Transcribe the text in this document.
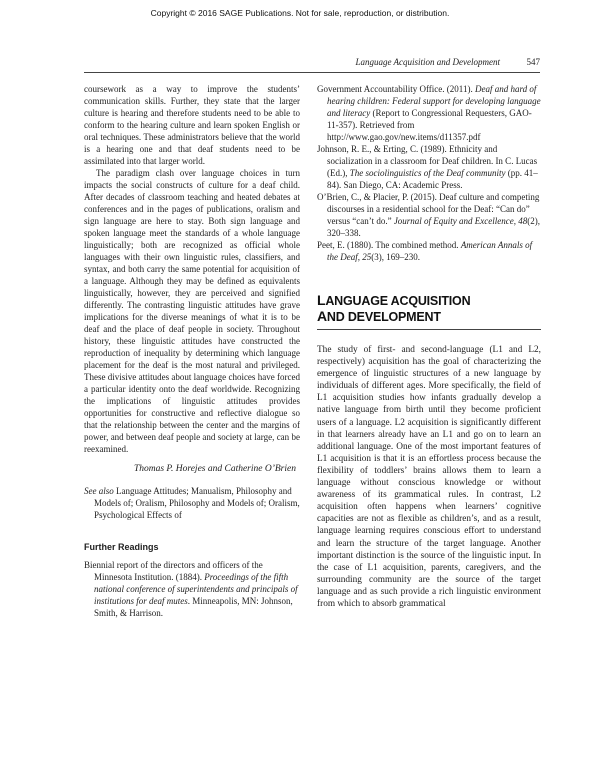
Copyright © 2016 SAGE Publications. Not for sale, reproduction, or distribution.
Language Acquisition and Development	547

coursework as a way to improve the students’ communication skills. Further, they state that the larger culture is hearing and therefore students need to be able to conform to the hearing culture and learn spoken English or oral techniques. These administrators believe that the world is a hearing one and that deaf students need to be assimilated into that larger world.

The paradigm clash over language choices in turn impacts the social constructs of culture for a deaf child. After decades of classroom teaching and heated debates at conferences and in the pages of publications, oralism and sign language are here to stay. Both sign language and spoken language meet the standards of a whole language linguistically; both are recognized as official whole languages with their own linguistic rules, classifiers, and syntax, and both carry the same potential for acquisition of a language. Although they may be defined as equivalents linguistically, however, they are perceived and signified differently. The contrasting linguistic attitudes have grave implications for the diverse meanings of what it is to be deaf and the place of deaf people in society. Throughout history, these linguistic attitudes have constructed the reproduction of inequality by determining which language placement for the deaf is the most natural and privileged. These divisive attitudes about language choices have forced a particular identity onto the deaf worldwide. Recognizing the implications of linguistic attitudes provides opportunities for constructive and reflective dialogue so that the relationship between the center and the margins of power, and between deaf people and society at large, can be reexamined.

Thomas P. Horejes and Catherine O’Brien

See also Language Attitudes; Manualism, Philosophy and Models of; Oralism, Philosophy and Models of; Oralism, Psychological Effects of

Further Readings

Biennial report of the directors and officers of the Minnesota Institution. (1884). Proceedings of the fifth national conference of superintendents and principals of institutions for deaf mutes. Minneapolis, MN: Johnson, Smith, & Harrison.

Government Accountability Office. (2011). Deaf and hard of hearing children: Federal support for developing language and literacy (Report to Congressional Requesters, GAO-11-357). Retrieved from http://www.gao.gov/new.items/d11357.pdf

Johnson, R. E., & Erting, C. (1989). Ethnicity and socialization in a classroom for Deaf children. In C. Lucas (Ed.), The sociolinguistics of the Deaf community (pp. 41–84). San Diego, CA: Academic Press.

O’Brien, C., & Placier, P. (2015). Deaf culture and competing discourses in a residential school for the Deaf: “Can do” versus “can’t do.” Journal of Equity and Excellence, 48(2), 320–338.

Peet, E. (1880). The combined method. American Annals of the Deaf, 25(3), 169–230.

LANGUAGE ACQUISITION
AND DEVELOPMENT

The study of first- and second-language (L1 and L2, respectively) acquisition has the goal of characterizing the emergence of linguistic structures of a new language by individuals of different ages. More specifically, the field of L1 acquisition studies how infants gradually develop a native language from birth until they become proficient users of a language. L2 acquisition is significantly different in that learners already have an L1 and go on to learn an additional language. One of the most important features of L1 acquisition is that it is an effortless process because the flexibility of toddlers’ brains allows them to learn a language without conscious knowledge or without awareness of its grammatical rules. In contrast, L2 acquisition often happens when learners’ cognitive capacities are not as flexible as children’s, and as a result, language learning requires conscious effort to understand and learn the structure of the target language. Another important distinction is the source of the linguistic input. In the case of L1 acquisition, parents, caregivers, and the surrounding community are the source of the target language and as such provide a rich linguistic environment from which to absorb grammatical
